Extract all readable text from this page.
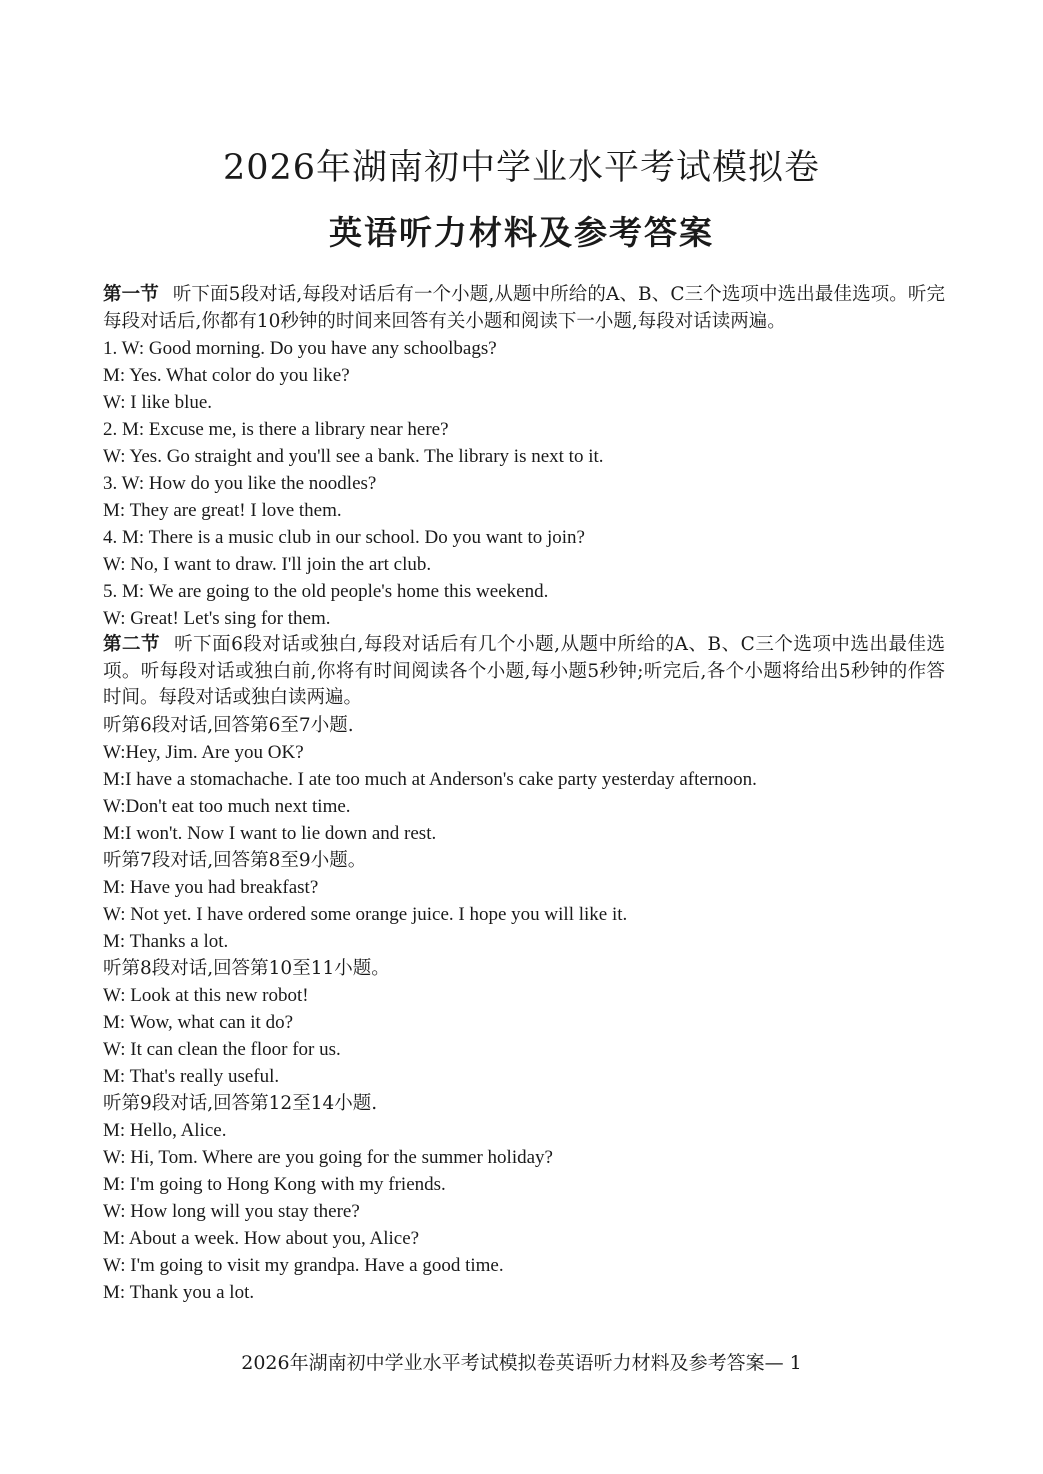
2026年湖南初中学业水平考试模拟卷
英语听力材料及参考答案

第一节 听下面5段对话,每段对话后有一个小题,从题中所给的A、B、C三个选项中选出最佳选项。听完每段对话后,你都有10秒钟的时间来回答有关小题和阅读下一小题,每段对话读两遍。

1. W: Good morning. Do you have any schoolbags?

M: Yes. What color do you like?

W: I like blue.

2. M: Excuse me, is there a library near here?

W: Yes. Go straight and you'll see a bank. The library is next to it.

3. W: How do you like the noodles?

M: They are great! I love them.

4. M: There is a music club in our school. Do you want to join?

W: No, I want to draw. I'll join the art club.

5. M: We are going to the old people's home this weekend.

W: Great! Let's sing for them.

第二节 听下面6段对话或独白,每段对话后有几个小题,从题中所给的A、B、C三个选项中选出最佳选项。听每段对话或独白前,你将有时间阅读各个小题,每小题5秒钟;听完后,各个小题将给出5秒钟的作答时间。每段对话或独白读两遍。

听第6段对话,回答第6至7小题.

W:Hey, Jim. Are you OK?

M:I have a stomachache. I ate too much at Anderson's cake party yesterday afternoon.

W:Don't eat too much next time.

M:I won't. Now I want to lie down and rest.

听第7段对话,回答第8至9小题。

M: Have you had breakfast?

W: Not yet. I have ordered some orange juice. I hope you will like it.

M: Thanks a lot.

听第8段对话,回答第10至11小题。

W: Look at this new robot!

M: Wow, what can it do?

W: It can clean the floor for us.

M: That's really useful.

听第9段对话,回答第12至14小题.

M: Hello, Alice.

W: Hi, Tom. Where are you going for the summer holiday?

M: I'm going to Hong Kong with my friends.

W: How long will you stay there?

M: About a week. How about you, Alice?

W: I'm going to visit my grandpa. Have a good time.

M: Thank you a lot.

2026年湖南初中学业水平考试模拟卷英语听力材料及参考答案— 1
